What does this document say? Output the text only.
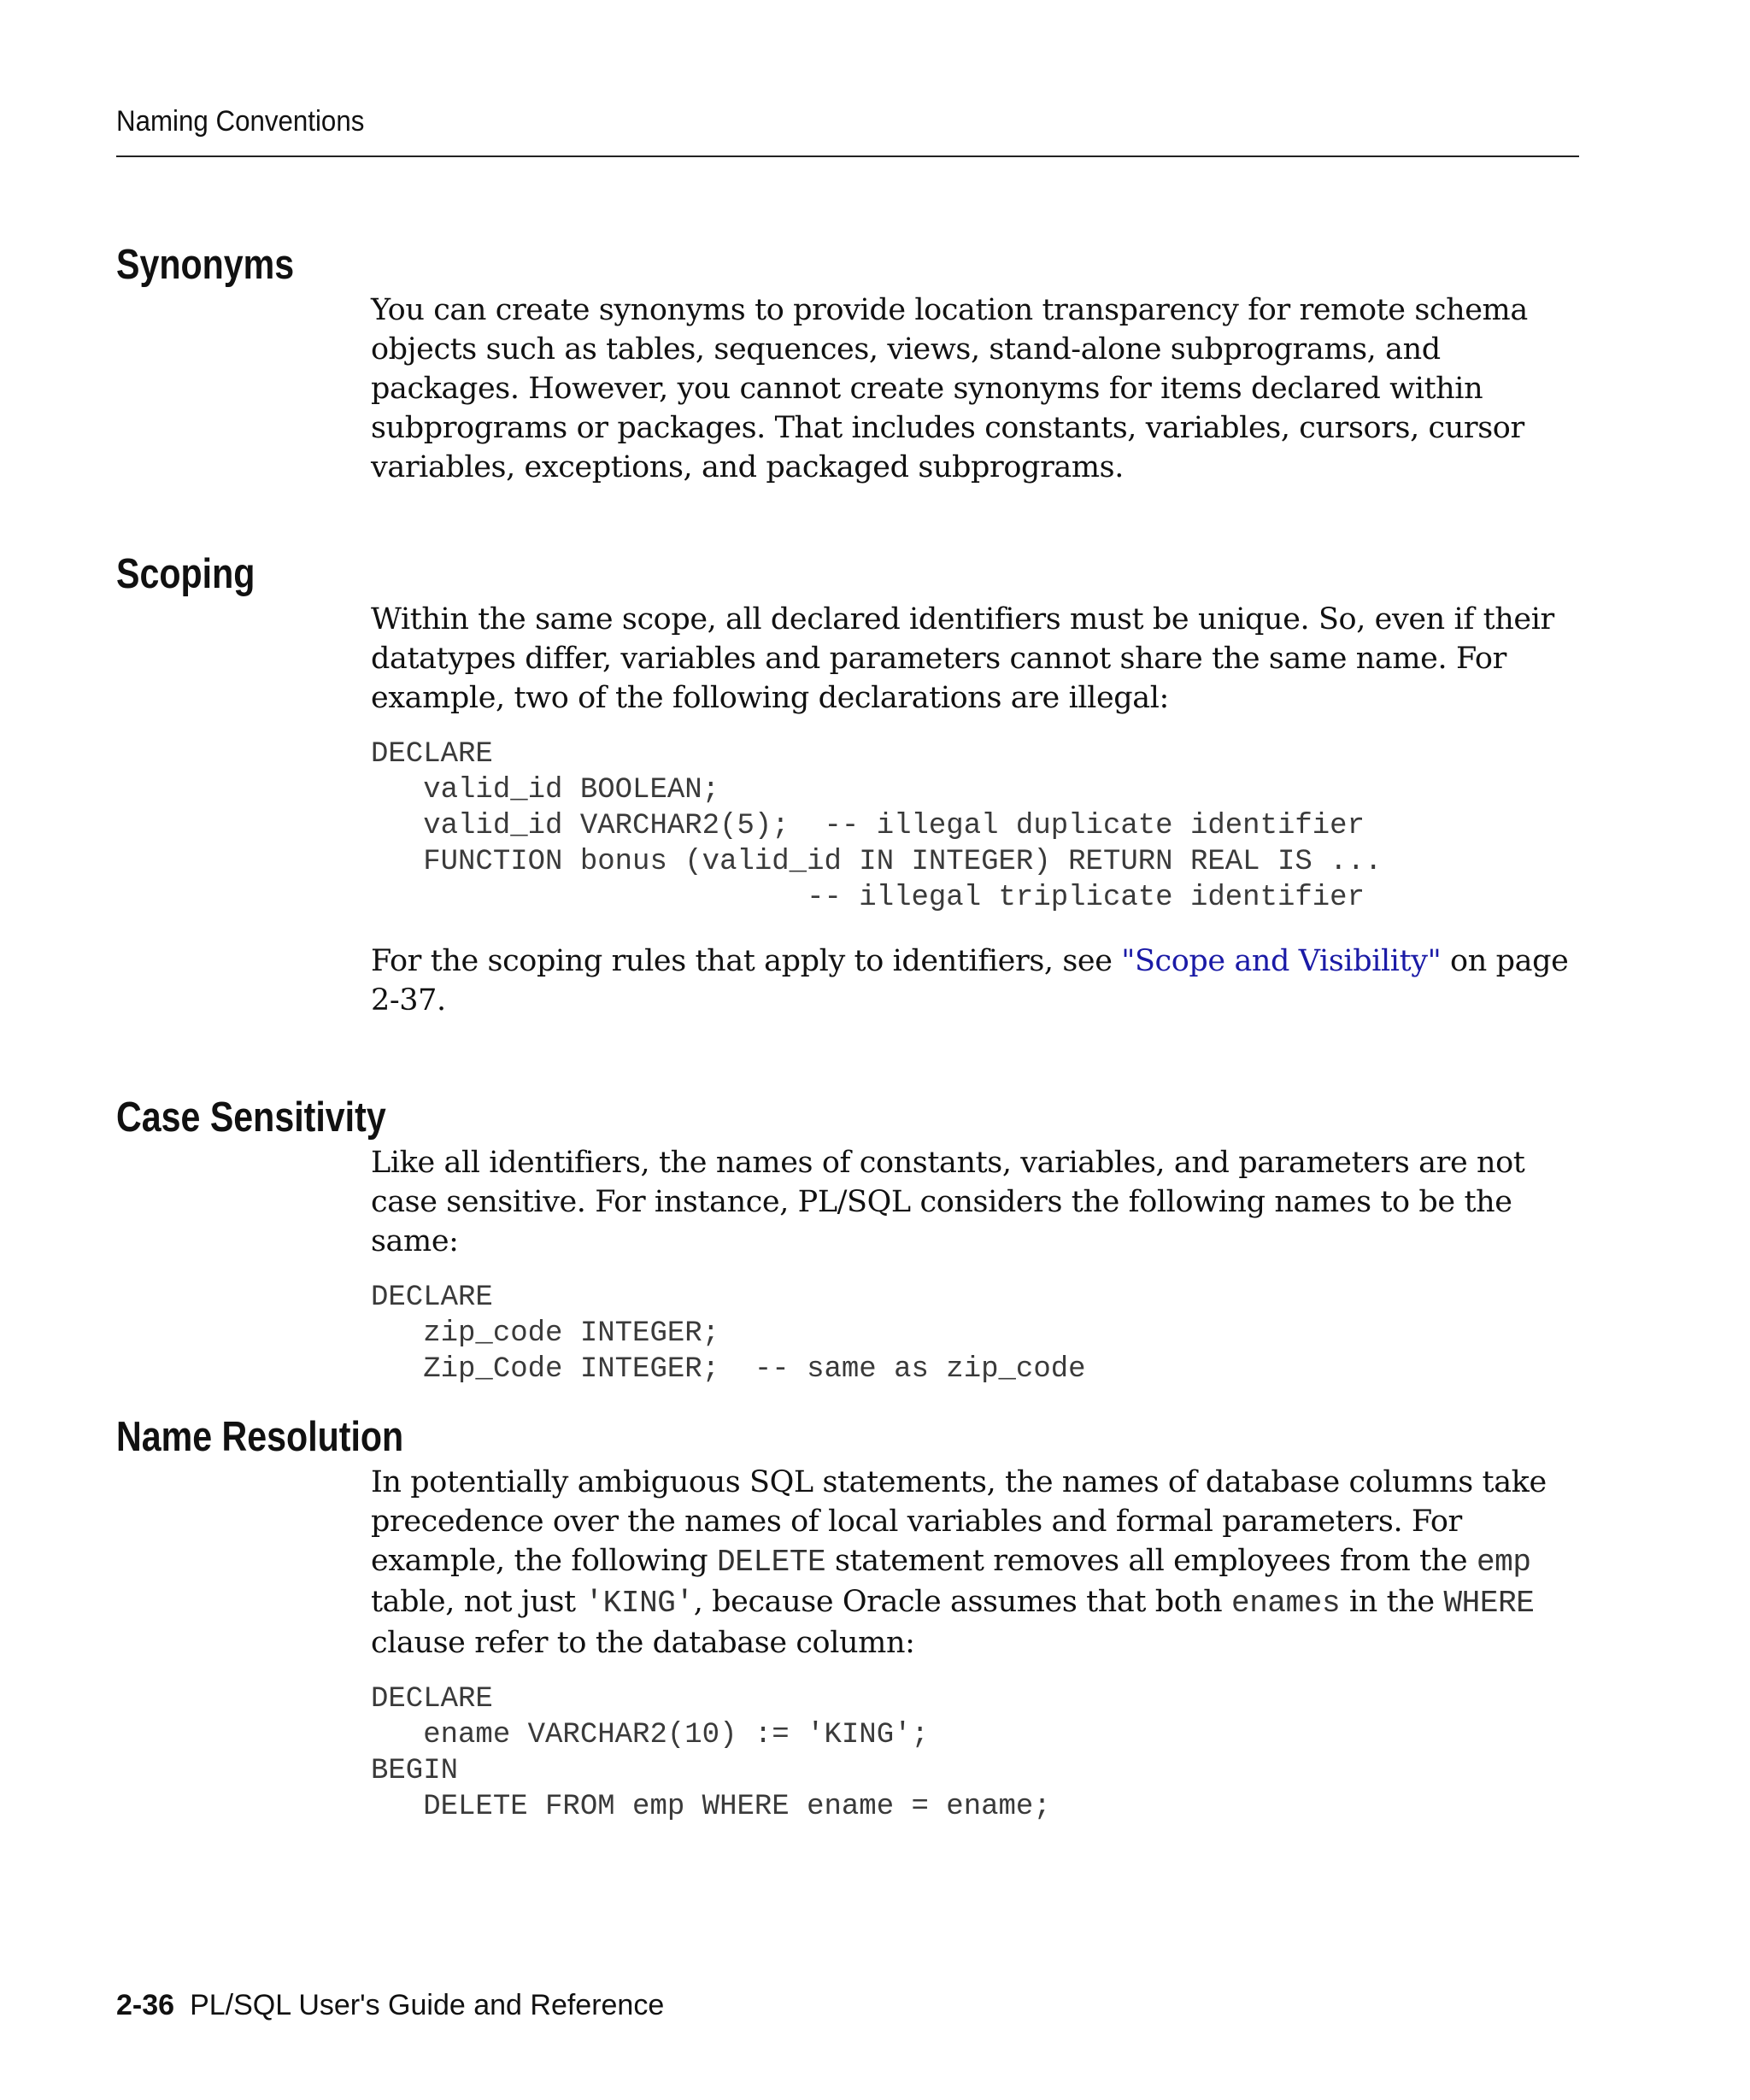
Naming Conventions
Synonyms

You can create synonyms to provide location transparency for remote schema objects such as tables, sequences, views, stand-alone subprograms, and packages. However, you cannot create synonyms for items declared within subprograms or packages. That includes constants, variables, cursors, cursor variables, exceptions, and packaged subprograms.

Scoping

Within the same scope, all declared identifiers must be unique. So, even if their datatypes differ, variables and parameters cannot share the same name. For example, two of the following declarations are illegal:

DECLARE
valid_id BOOLEAN;
valid_id VARCHAR2(5);  -- illegal duplicate identifier
FUNCTION bonus (valid_id IN INTEGER) RETURN REAL IS ...
-- illegal triplicate identifier

For the scoping rules that apply to identifiers, see "Scope and Visibility" on page 2-37.

Case Sensitivity

Like all identifiers, the names of constants, variables, and parameters are not case sensitive. For instance, PL/SQL considers the following names to be the same:

DECLARE
zip_code INTEGER;
Zip_Code INTEGER;  -- same as zip_code
Name Resolution

In potentially ambiguous SQL statements, the names of database columns take precedence over the names of local variables and formal parameters. For example, the following DELETE statement removes all employees from the emp table, not just 'KING', because Oracle assumes that both enames in the WHERE clause refer to the database column:

DECLARE
ename VARCHAR2(10) := 'KING';
BEGIN
DELETE FROM emp WHERE ename = ename;
2-36 PL/SQL User's Guide and Reference
